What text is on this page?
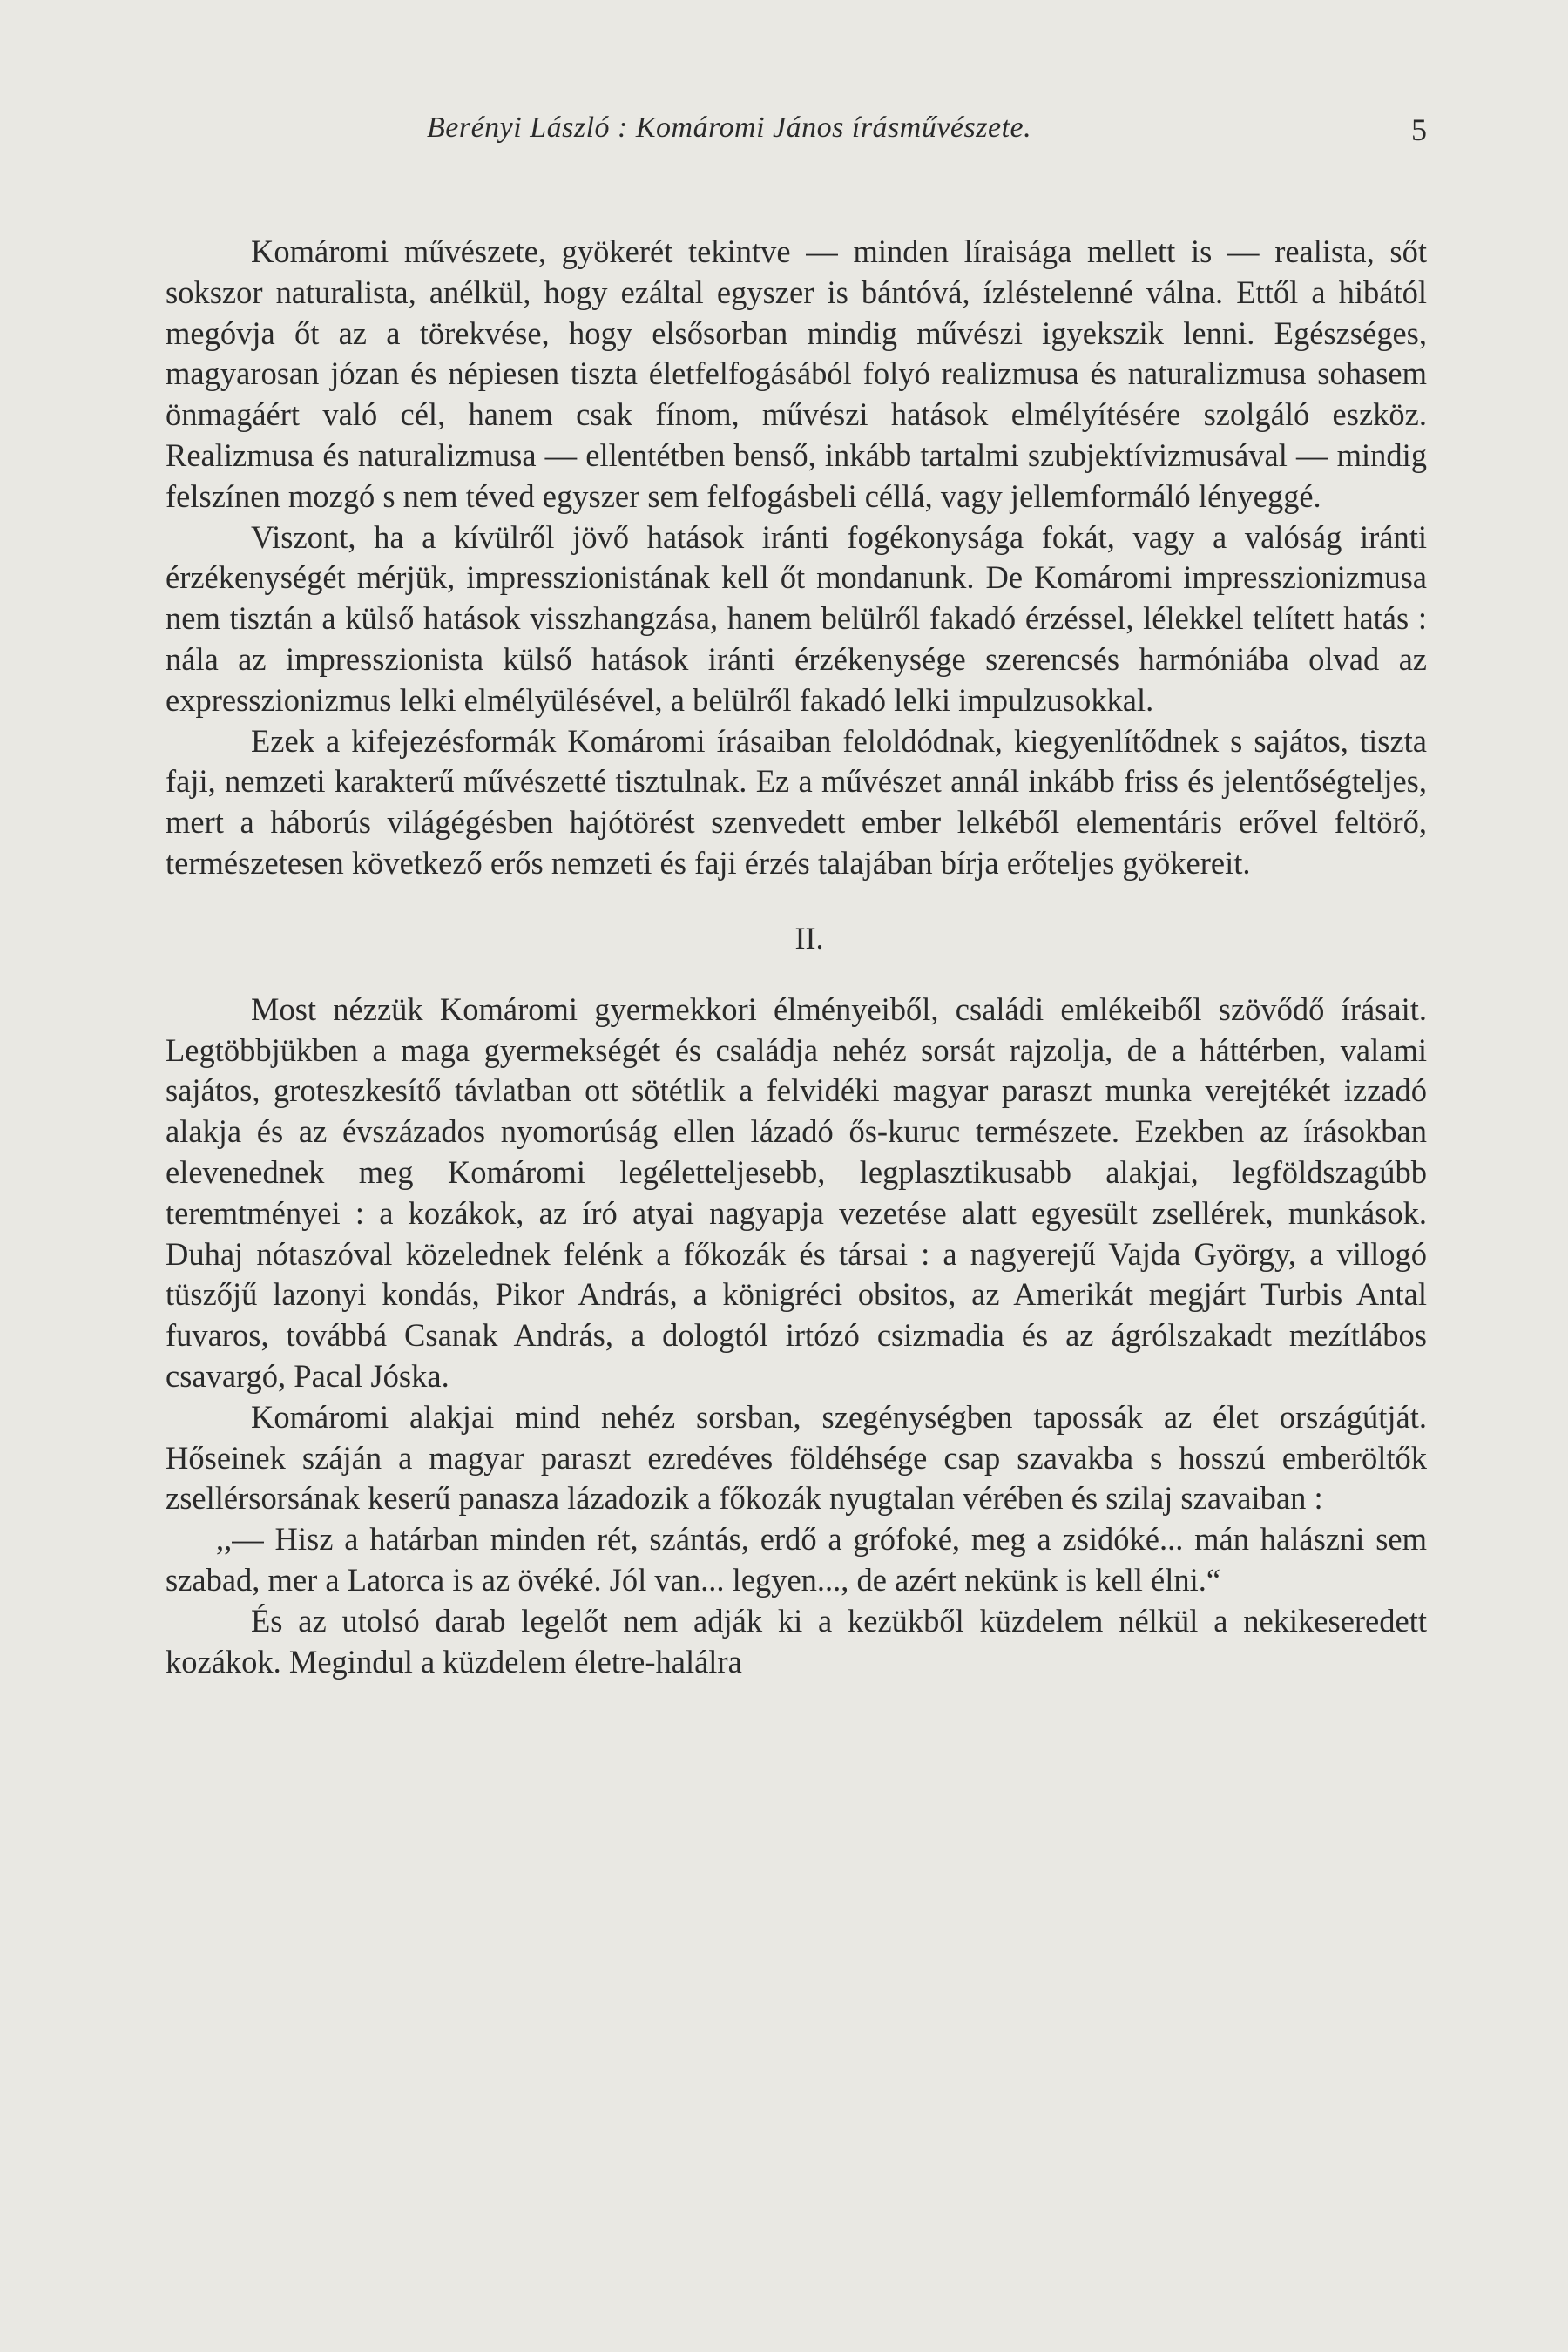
Berényi László : Komáromi János írásművészete.	5

Komáromi művészete, gyökerét tekintve — minden líraisága mellett is — realista, sőt sokszor naturalista, anélkül, hogy ezáltal egyszer is bántóvá, ízléstelenné válna. Ettől a hibától megóvja őt az a törekvése, hogy elsősorban mindig művészi igyekszik lenni. Egészséges, magyarosan józan és népiesen tiszta életfelfogásából folyó realizmusa és naturalizmusa sohasem önmagáért való cél, hanem csak fínom, művészi hatások elmélyítésére szolgáló eszköz. Realizmusa és naturalizmusa — ellentétben benső, inkább tartalmi szubjektívizmusával — mindig felszínen mozgó s nem téved egyszer sem felfogásbeli céllá, vagy jellemformáló lényeggé.

Viszont, ha a kívülről jövő hatások iránti fogékonysága fokát, vagy a valóság iránti érzékenységét mérjük, impresszionistának kell őt mondanunk. De Komáromi impresszionizmusa nem tisztán a külső hatások visszhangzása, hanem belülről fakadó érzéssel, lélekkel telített hatás : nála az impresszionista külső hatások iránti érzékenysége szerencsés harmóniába olvad az expresszionizmus lelki elmélyülésével, a belülről fakadó lelki impulzusokkal.

Ezek a kifejezésformák Komáromi írásaiban feloldódnak, kiegyenlítődnek s sajátos, tiszta faji, nemzeti karakterű művészetté tisztulnak. Ez a művészet annál inkább friss és jelentőségteljes, mert a háborús világégésben hajótörést szenvedett ember lelkéből elementáris erővel feltörő, természetesen következő erős nemzeti és faji érzés talajában bírja erőteljes gyökereit.

II.

Most nézzük Komáromi gyermekkori élményeiből, családi emlékeiből szövődő írásait. Legtöbbjükben a maga gyermekségét és családja nehéz sorsát rajzolja, de a háttérben, valami sajátos, groteszkesítő távlatban ott sötétlik a felvidéki magyar paraszt munka verejtékét izzadó alakja és az évszázados nyomorúság ellen lázadó ős-kuruc természete. Ezekben az írásokban elevenednek meg Komáromi legéletteljesebb, legplasztikusabb alakjai, legföldszagúbb teremtményei : a kozákok, az író atyai nagyapja vezetése alatt egyesült zsellérek, munkások. Duhaj nótaszóval közelednek felénk a főkozák és társai : a nagyerejű Vajda György, a villogó tüszőjű lazonyi kondás, Pikor András, a königréci obsitos, az Amerikát megjárt Turbis Antal fuvaros, továbbá Csanak András, a dologtól irtózó csizmadia és az ágrólszakadt mezítlábos csavargó, Pacal Jóska.

Komáromi alakjai mind nehéz sorsban, szegénységben tapossák az élet országútját. Hőseinek száján a magyar paraszt ezredéves földéhsége csap szavakba s hosszú emberöltők zsellérsorsának keserű panasza lázadozik a főkozák nyugtalan vérében és szilaj szavaiban :

,,— Hisz a határban minden rét, szántás, erdő a grófoké, meg a zsidóké... mán halászni sem szabad, mer a Latorca is az övéké. Jól van... legyen..., de azért nekünk is kell élni.“

És az utolsó darab legelőt nem adják ki a kezükből küzdelem nélkül a nekikeseredett kozákok. Megindul a küzdelem életre-halálra
